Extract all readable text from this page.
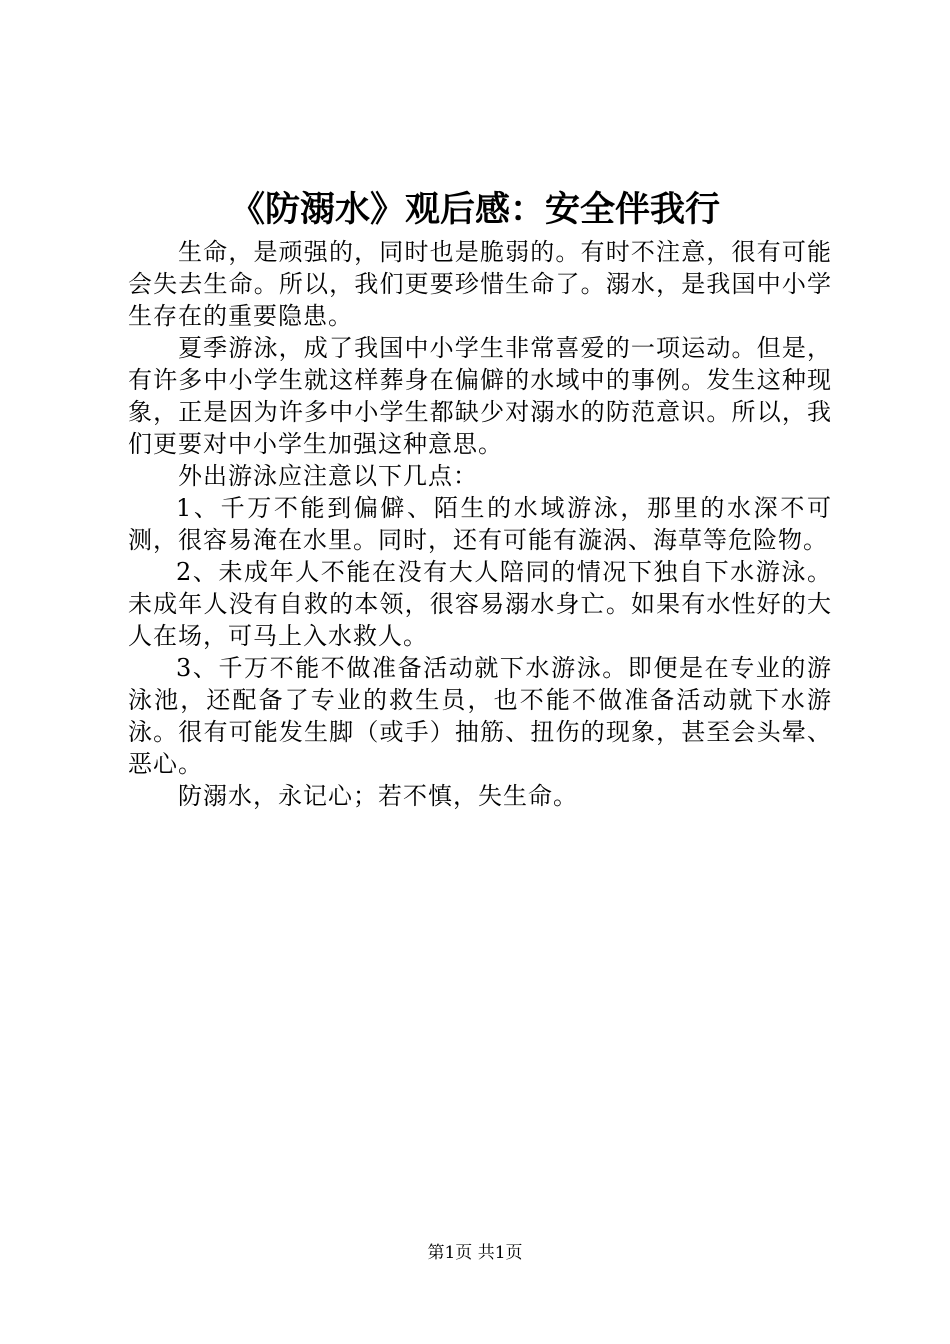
《防溺水》观后感：安全伴我行

生命，是顽强的，同时也是脆弱的。有时不注意，很有可能会失去生命。所以，我们更要珍惜生命了。溺水，是我国中小学生存在的重要隐患。

夏季游泳，成了我国中小学生非常喜爱的一项运动。但是，有许多中小学生就这样葬身在偏僻的水域中的事例。发生这种现象，正是因为许多中小学生都缺少对溺水的防范意识。所以，我们更要对中小学生加强这种意思。

外出游泳应注意以下几点：

1、千万不能到偏僻、陌生的水域游泳，那里的水深不可测，很容易淹在水里。同时，还有可能有漩涡、海草等危险物。

2、未成年人不能在没有大人陪同的情况下独自下水游泳。未成年人没有自救的本领，很容易溺水身亡。如果有水性好的大人在场，可马上入水救人。

3、千万不能不做准备活动就下水游泳。即便是在专业的游泳池，还配备了专业的救生员，也不能不做准备活动就下水游泳。很有可能发生脚（或手）抽筋、扭伤的现象，甚至会头晕、恶心。

防溺水，永记心；若不慎，失生命。

第1页 共1页
